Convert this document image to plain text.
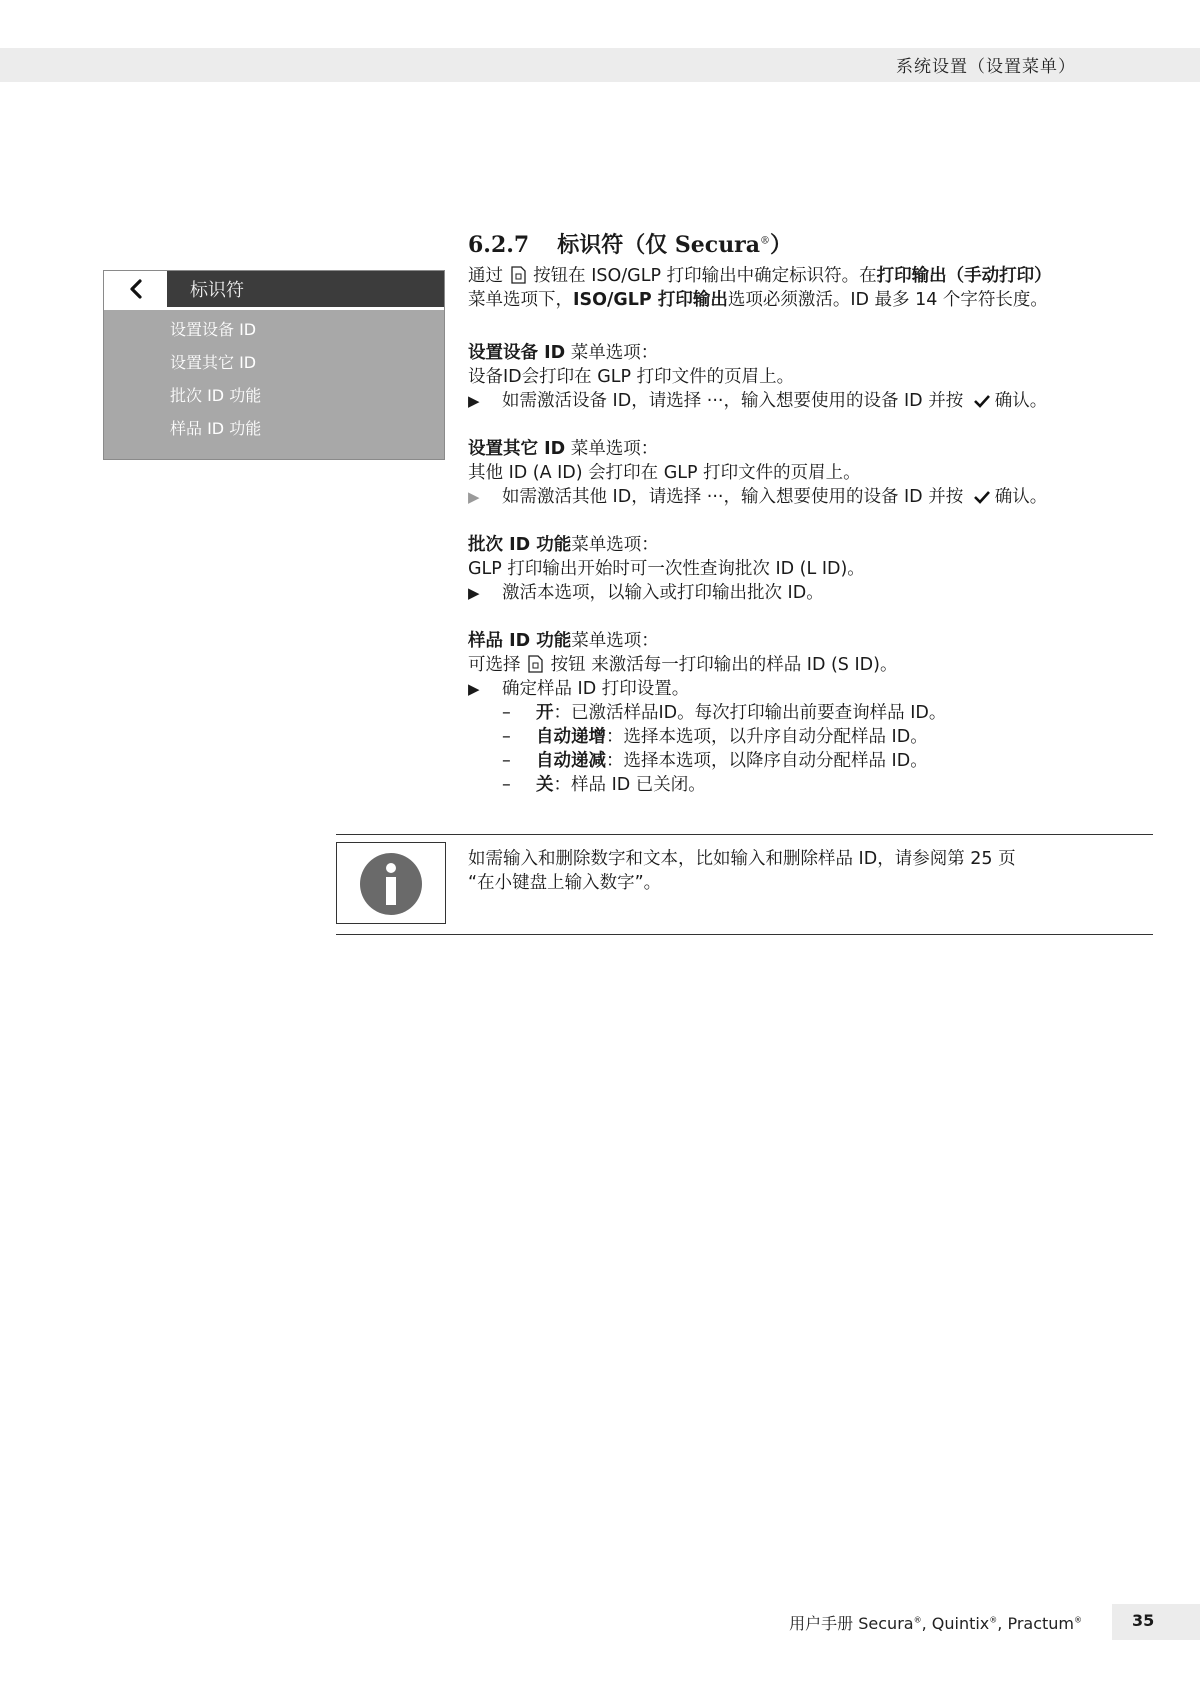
系统设置（设置菜单）
标识符
设置设备 ID
设置其它 ID
批次 ID 功能
样品 ID 功能
6.2.7 标识符（仅 Secura®）
通过 按钮在 ISO/GLP 打印输出中确定标识符。在打印输出（手动打印）
菜单选项下，ISO/GLP 打印输出选项必须激活。ID 最多 14 个字符长度。
设置设备 ID 菜单选项：
设备ID会打印在 GLP 打印文件的页眉上。
▶ 如需激活设备 ID，请选择 ···，输入想要使用的设备 ID 并按 确认。
设置其它 ID 菜单选项：
其他 ID (A ID) 会打印在 GLP 打印文件的页眉上。
▶ 如需激活其他 ID，请选择 ···，输入想要使用的设备 ID 并按 确认。
批次 ID 功能菜单选项：
GLP 打印输出开始时可一次性查询批次 ID (L ID)。
▶ 激活本选项，以输入或打印输出批次 ID。
样品 ID 功能菜单选项：
可选择 按钮 来激活每一打印输出的样品 ID (S ID)。
▶ 确定样品 ID 打印设置。
– 开：已激活样品ID。每次打印输出前要查询样品 ID。
– 自动递增：选择本选项，以升序自动分配样品 ID。
– 自动递减：选择本选项，以降序自动分配样品 ID。
– 关：样品 ID 已关闭。
如需输入和删除数字和文本，比如输入和删除样品 ID，请参阅第 25 页
“在小键盘上输入数字”。
用户手册 Secura®, Quintix®, Practum®	35
